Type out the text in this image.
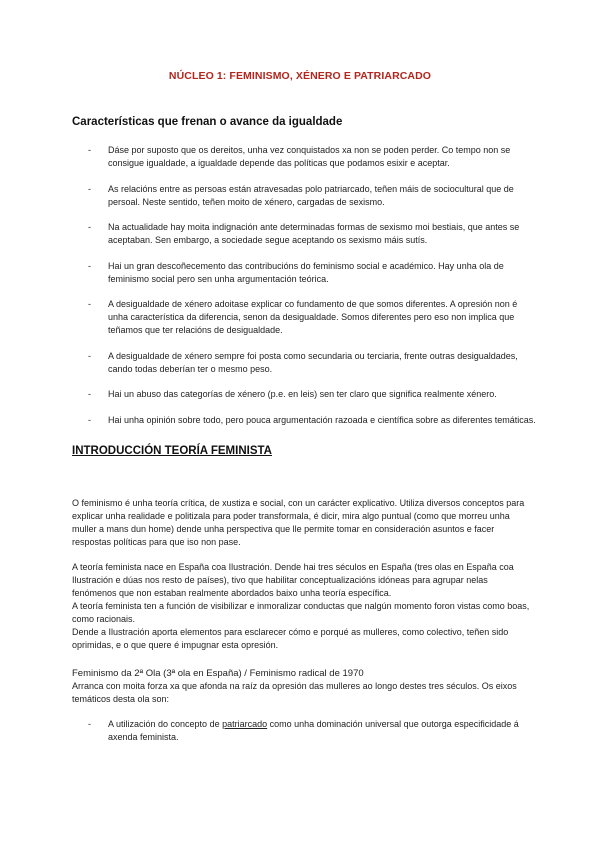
NÚCLEO 1: FEMINISMO, XÉNERO E PATRIARCADO
Características que frenan o avance da igualdade
- Dáse por suposto que os dereitos, unha vez conquistados xa non se poden perder. Co tempo non se consigue igualdade, a igualdade depende das políticas que podamos esixir e aceptar.
- As relacións entre as persoas están atravesadas polo patriarcado, teñen máis de sociocultural que de persoal. Neste sentido, teñen moito de xénero, cargadas de sexismo.
- Na actualidade hay moita indignación ante determinadas formas de sexismo moi bestiais, que antes se aceptaban. Sen embargo, a sociedade segue aceptando os sexismo máis sutís.
- Hai un gran descoñecemento das contribucións do feminismo social e académico. Hay unha ola de feminismo social pero sen unha argumentación teórica.
- A desigualdade de xénero adoitase explicar co fundamento de que somos diferentes. A opresión non é unha característica da diferencia, senon da desigualdade. Somos diferentes pero eso non implica que teñamos que ter relacións de desigualdade.
- A desigualdade de xénero sempre foi posta como secundaria ou terciaria, frente outras desigualdades, cando todas deberían ter o mesmo peso.
- Hai un abuso das categorías de xénero (p.e. en leis) sen ter claro que significa realmente xénero.
- Hai unha opinión sobre todo, pero pouca argumentación razoada e científica sobre as diferentes temáticas.
INTRODUCCIÓN TEORÍA FEMINISTA

O feminismo é unha teoría crítica, de xustiza e social, con un carácter explicativo. Utiliza diversos conceptos para explicar unha realidade e politizala para poder transformala, é dicir, mira algo puntual (como que morreu unha muller a mans dun home) dende unha perspectiva que lle permite tomar en consideración asuntos e facer respostas políticas para que iso non pase.

A teoría feminista nace en España coa Ilustración. Dende hai tres séculos en España (tres olas en España coa Ilustración e dúas nos resto de países), tivo que habilitar conceptualizacións idóneas para agrupar nelas fenómenos que non estaban realmente abordados baixo unha teoría específica.
A teoría feminista ten a función de visibilizar e inmoralizar conductas que nalgún momento foron vistas como boas, como racionais.
Dende a Ilustración aporta elementos para esclarecer cómo e porqué as mulleres, como colectivo, teñen sido oprimidas, e o que quere é impugnar esta opresión.
Feminismo da 2ª Ola (3ª ola en España) / Feminismo radical de 1970
Arranca con moita forza xa que afonda na raíz da opresión das mulleres ao longo destes tres séculos. Os eixos temáticos desta ola son:
- A utilización do concepto de patriarcado como unha dominación universal que outorga especificidade á axenda feminista.
